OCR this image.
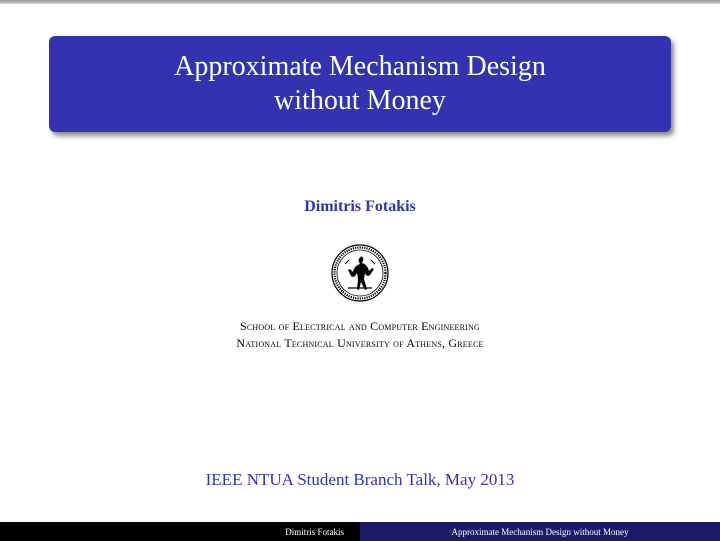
Approximate Mechanism Design
without Money
Dimitris Fotakis
School of Electrical and Computer Engineering
National Technical University of Athens, Greece
IEEE NTUA Student Branch Talk, May 2013
Dimitris Fotakis	Approximate Mechanism Design without Money
